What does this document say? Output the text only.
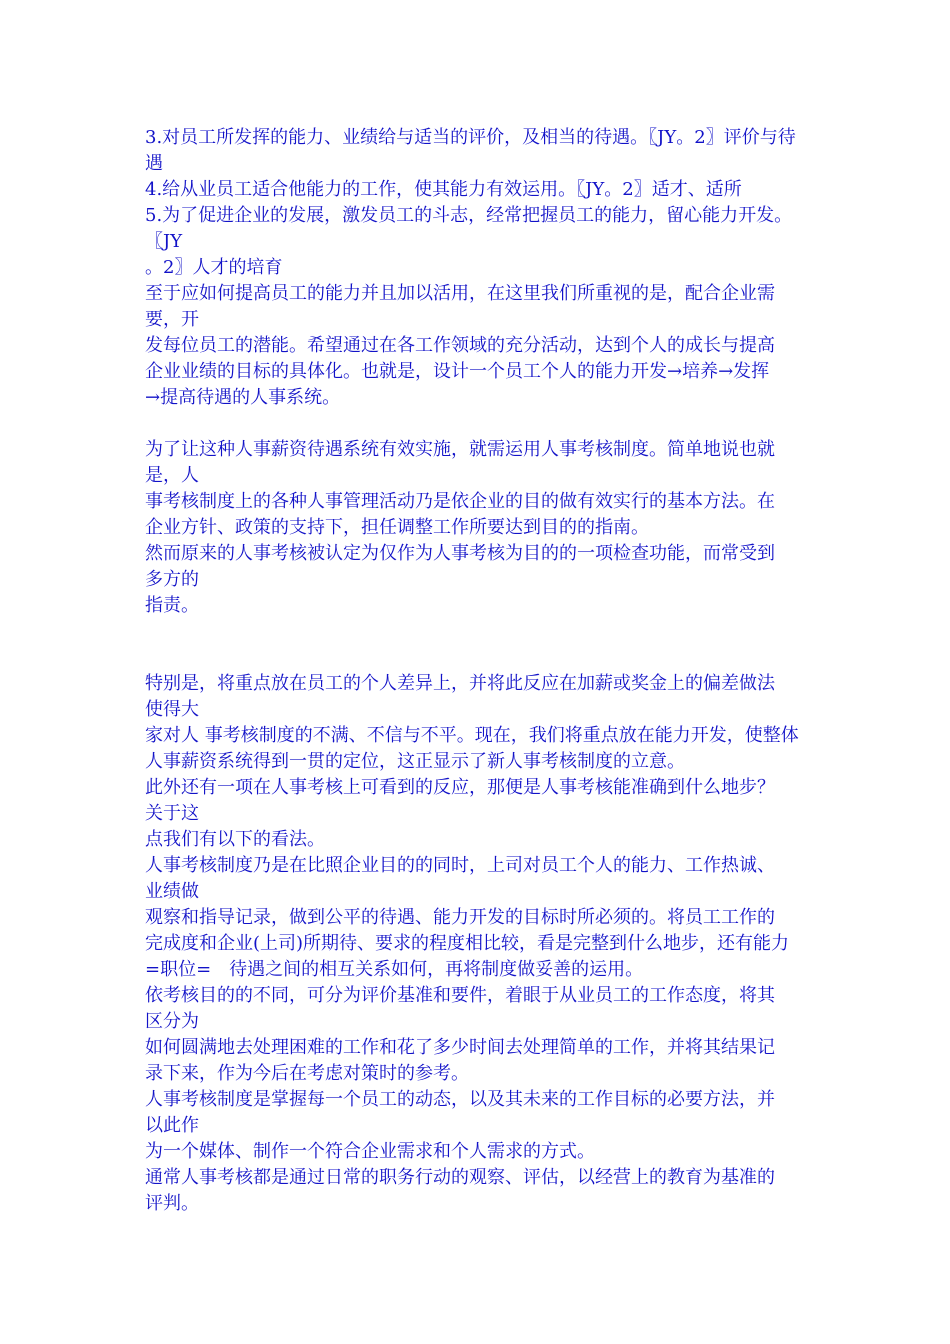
3.对员工所发挥的能力、业绩给与适当的评价，及相当的待遇。〖JY。2〗评价与待
遇
4.给从业员工适合他能力的工作，使其能力有效运用。〖JY。2〗适才、适所
5.为了促进企业的发展，激发员工的斗志，经常把握员工的能力，留心能力开发。
〖JY
。2〗人才的培育
至于应如何提高员工的能力并且加以活用，在这里我们所重视的是，配合企业需
要，开
发每位员工的潜能。希望通过在各工作领域的充分活动，达到个人的成长与提高
企业业绩的目标的具体化。也就是，设计一个员工个人的能力开发→培养→发挥
→提高待遇的人事系统。
为了让这种人事薪资待遇系统有效实施，就需运用人事考核制度。简单地说也就
是，人
事考核制度上的各种人事管理活动乃是依企业的目的做有效实行的基本方法。在
企业方针、政策的支持下，担任调整工作所要达到目的的指南。
然而原来的人事考核被认定为仅作为人事考核为目的的一项检查功能，而常受到
多方的
指责。
特别是，将重点放在员工的个人差异上，并将此反应在加薪或奖金上的偏差做法
使得大
家对人 事考核制度的不满、不信与不平。现在，我们将重点放在能力开发，使整体
人事薪资系统得到一贯的定位，这正显示了新人事考核制度的立意。
此外还有一项在人事考核上可看到的反应，那便是人事考核能准确到什么地步？
关于这
点我们有以下的看法。
人事考核制度乃是在比照企业目的的同时，上司对员工个人的能力、工作热诚、
业绩做
观察和指导记录，做到公平的待遇、能力开发的目标时所必须的。将员工工作的
完成度和企业(上司)所期待、要求的程度相比较，看是完整到什么地步，还有能力
=职位=　待遇之间的相互关系如何，再将制度做妥善的运用。
依考核目的的不同，可分为评价基准和要件，着眼于从业员工的工作态度，将其
区分为
如何圆满地去处理困难的工作和花了多少时间去处理简单的工作，并将其结果记
录下来，作为今后在考虑对策时的参考。
人事考核制度是掌握每一个员工的动态，以及其未来的工作目标的必要方法，并
以此作
为一个媒体、制作一个符合企业需求和个人需求的方式。
通常人事考核都是通过日常的职务行动的观察、评估，以经营上的教育为基准的
评判。
